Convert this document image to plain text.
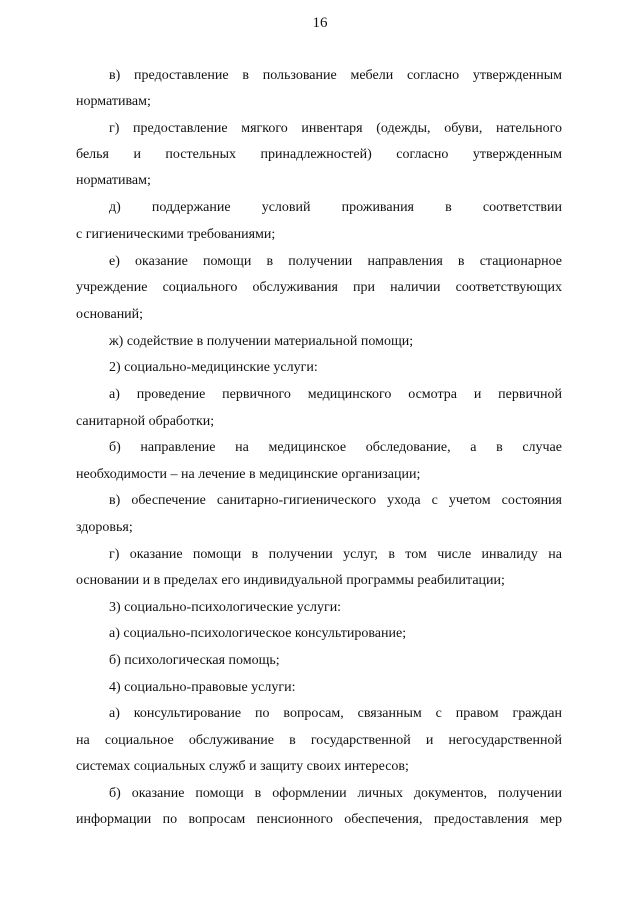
16
в) предоставление в пользование мебели согласно утвержденным
нормативам;
г) предоставление мягкого инвентаря (одежды, обуви, нательного
белья и постельных принадлежностей) согласно утвержденным
нормативам;
д) поддержание условий проживания в соответствии
с гигиеническими требованиями;
е) оказание помощи в получении направления в стационарное
учреждение социального обслуживания при наличии соответствующих
оснований;
ж) содействие в получении материальной помощи;
2) социально-медицинские услуги:
а) проведение первичного медицинского осмотра и первичной
санитарной обработки;
б) направление на медицинское обследование, а в случае
необходимости – на лечение в медицинские организации;
в) обеспечение санитарно-гигиенического ухода с учетом состояния
здоровья;
г) оказание помощи в получении услуг, в том числе инвалиду на
основании и в пределах его индивидуальной программы реабилитации;
3) социально-психологические услуги:
а) социально-психологическое консультирование;
б) психологическая помощь;
4) социально-правовые услуги:
а) консультирование по вопросам, связанным с правом граждан
на социальное обслуживание в государственной и негосударственной
системах социальных служб и защиту своих интересов;
б) оказание помощи в оформлении личных документов, получении
информации по вопросам пенсионного обеспечения, предоставления мер
